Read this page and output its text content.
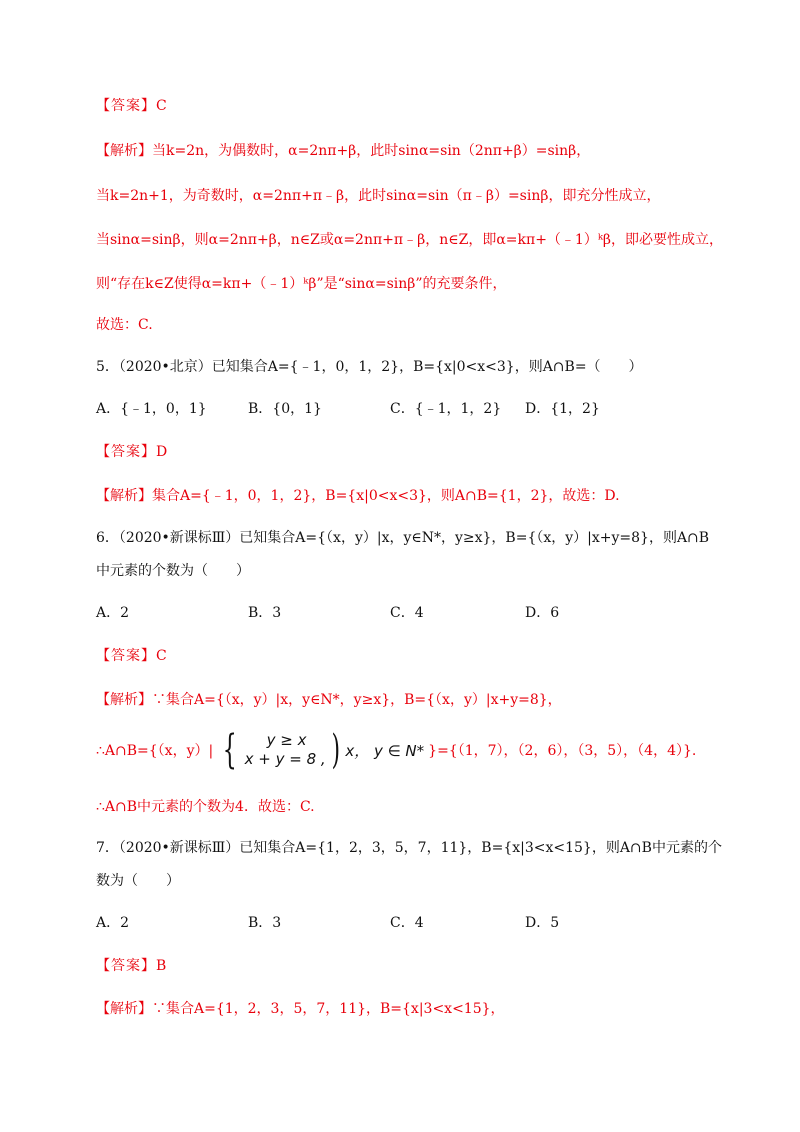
【答案】C
【解析】当k=2n，为偶数时，α=2nπ+β，此时sinα=sin（2nπ+β）=sinβ，
当k=2n+1，为奇数时，α=2nπ+π﹣β，此时sinα=sin（π﹣β）=sinβ，即充分性成立，
当sinα=sinβ，则α=2nπ+β，n∈Z或α=2nπ+π﹣β，n∈Z，即α=kπ+（﹣1）ᵏβ，即必要性成立，
则“存在k∈Z使得α=kπ+（﹣1）ᵏβ”是“sinα=sinβ”的充要条件，
故选：C.
5．（2020•北京）已知集合A={﹣1，0，1，2}，B={x|0<x<3}，则A∩B=（　　）
A．{﹣1，0，1}	B．{0，1}	C．{﹣1，1，2} D．{1，2}
【答案】D
【解析】集合A={﹣1，0，1，2}，B={x|0<x<3}，则A∩B={1，2}，故选：D.
6．（2020•新课标Ⅲ）已知集合A={（x，y）|x，y∈N*，y≥x}，B={（x，y）|x+y=8}，则A∩B
中元素的个数为（　　）
A．2	B．3	C．4	D．6
【答案】C
【解析】∵集合A={（x，y）|x，y∈N*，y≥x}，B={（x，y）|x+y=8}，
∴A∩B={（x，y）| {	y ≥ x
x + y = 8 , ) x， y ∈ N* }={（1，7），（2，6），（3，5），（4，4）}.
∴A∩B中元素的个数为4．故选：C.
7．（2020•新课标Ⅲ）已知集合A={1，2，3，5，7，11}，B={x|3<x<15}，则A∩B中元素的个
数为（　　）
A．2	B．3	C．4	D．5
【答案】B
【解析】∵集合A={1，2，3，5，7，11}，B={x|3<x<15}，
